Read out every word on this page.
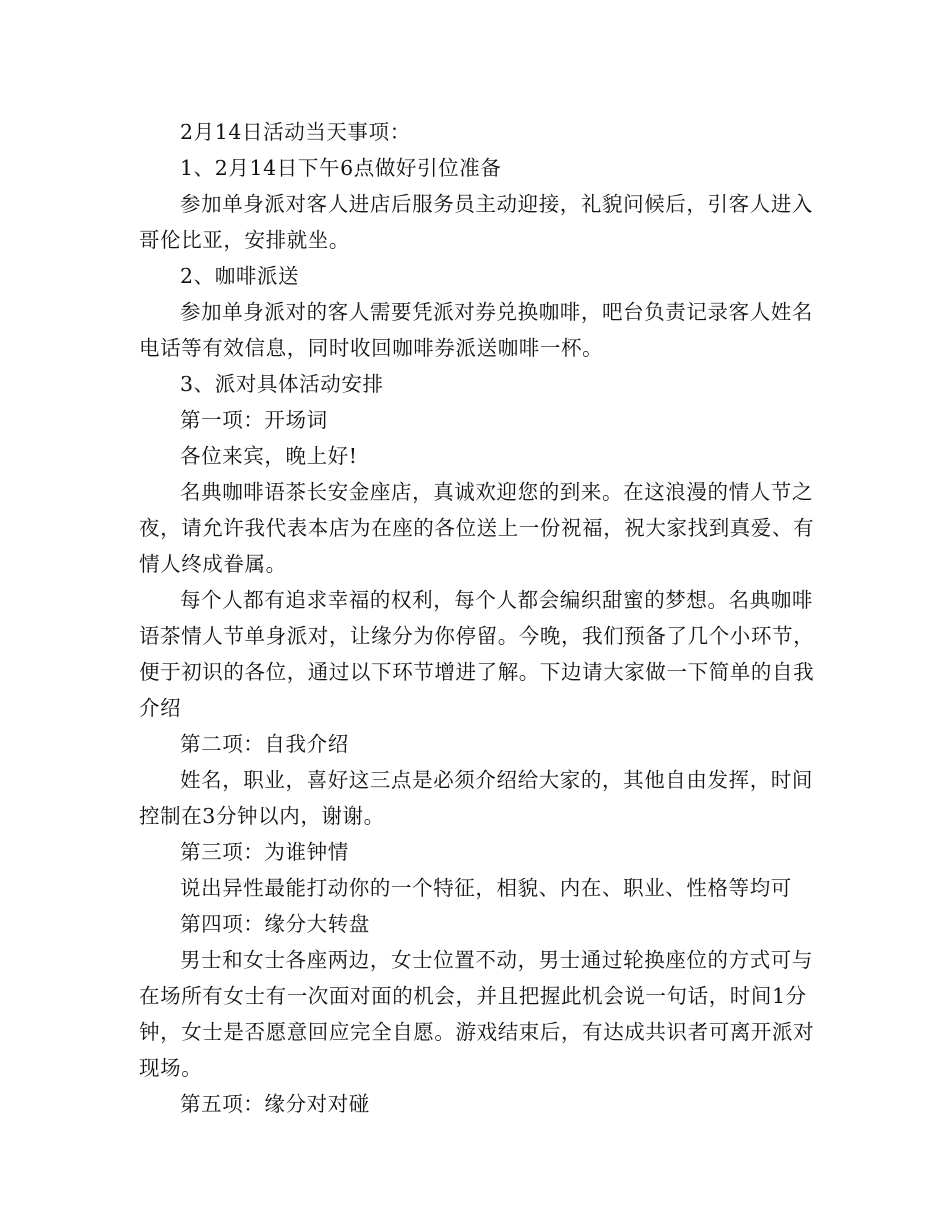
2月14日活动当天事项：

1、2月14日下午6点做好引位准备

参加单身派对客人进店后服务员主动迎接，礼貌问候后，引客人进入哥伦比亚，安排就坐。

2、咖啡派送

参加单身派对的客人需要凭派对券兑换咖啡，吧台负责记录客人姓名电话等有效信息，同时收回咖啡券派送咖啡一杯。

3、派对具体活动安排

第一项：开场词

各位来宾，晚上好!

名典咖啡语茶长安金座店，真诚欢迎您的到来。在这浪漫的情人节之夜，请允许我代表本店为在座的各位送上一份祝福，祝大家找到真爱、有情人终成眷属。

每个人都有追求幸福的权利，每个人都会编织甜蜜的梦想。名典咖啡语茶情人节单身派对，让缘分为你停留。今晚，我们预备了几个小环节，便于初识的各位，通过以下环节增进了解。下边请大家做一下简单的自我介绍

第二项：自我介绍

姓名，职业，喜好这三点是必须介绍给大家的，其他自由发挥，时间控制在3分钟以内，谢谢。

第三项：为谁钟情

说出异性最能打动你的一个特征，相貌、内在、职业、性格等均可

第四项：缘分大转盘

男士和女士各座两边，女士位置不动，男士通过轮换座位的方式可与在场所有女士有一次面对面的机会，并且把握此机会说一句话，时间1分钟，女士是否愿意回应完全自愿。游戏结束后，有达成共识者可离开派对现场。

第五项：缘分对对碰
